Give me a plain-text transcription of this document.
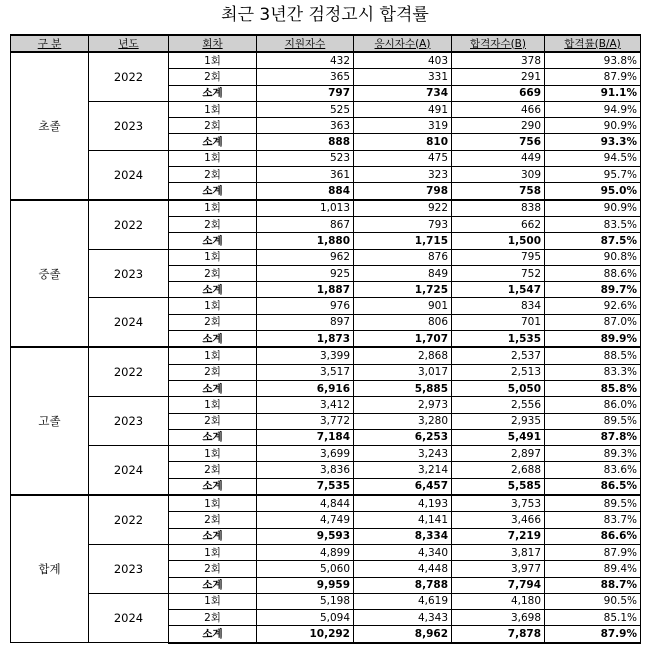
최근 3년간 검정고시 합격률
구 분	년도	회차	지원자수	응시자수(A)	합격자수(B)	합격률(B/A)
초졸	2022	1회	432	403	378	93.8%
		2회	365	331	291	87.9%
		소계	797	734	669	91.1%
	2023	1회	525	491	466	94.9%
		2회	363	319	290	90.9%
		소계	888	810	756	93.3%
	2024	1회	523	475	449	94.5%
		2회	361	323	309	95.7%
		소계	884	798	758	95.0%
중졸	2022	1회	1,013	922	838	90.9%
		2회	867	793	662	83.5%
		소계	1,880	1,715	1,500	87.5%
	2023	1회	962	876	795	90.8%
		2회	925	849	752	88.6%
		소계	1,887	1,725	1,547	89.7%
	2024	1회	976	901	834	92.6%
		2회	897	806	701	87.0%
		소계	1,873	1,707	1,535	89.9%
고졸	2022	1회	3,399	2,868	2,537	88.5%
		2회	3,517	3,017	2,513	83.3%
		소계	6,916	5,885	5,050	85.8%
	2023	1회	3,412	2,973	2,556	86.0%
		2회	3,772	3,280	2,935	89.5%
		소계	7,184	6,253	5,491	87.8%
	2024	1회	3,699	3,243	2,897	89.3%
		2회	3,836	3,214	2,688	83.6%
		소계	7,535	6,457	5,585	86.5%
합계	2022	1회	4,844	4,193	3,753	89.5%
		2회	4,749	4,141	3,466	83.7%
		소계	9,593	8,334	7,219	86.6%
	2023	1회	4,899	4,340	3,817	87.9%
		2회	5,060	4,448	3,977	89.4%
		소계	9,959	8,788	7,794	88.7%
	2024	1회	5,198	4,619	4,180	90.5%
		2회	5,094	4,343	3,698	85.1%
		소계	10,292	8,962	7,878	87.9%
